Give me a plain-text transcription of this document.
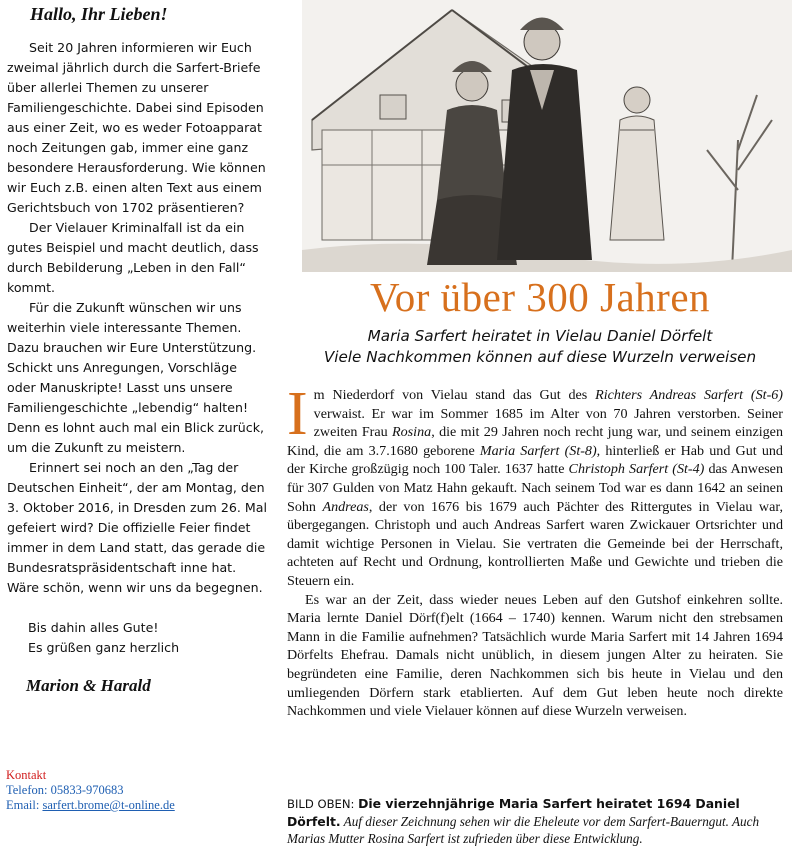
Hallo, Ihr Lieben!

Seit 20 Jahren informieren wir Euch zweimal jährlich durch die Sarfert-Briefe über allerlei Themen zu unserer Familiengeschichte. Dabei sind Episoden aus einer Zeit, wo es weder Fotoapparat noch Zeitungen gab, immer eine ganz besondere Herausforderung. Wie können wir Euch z.B. einen alten Text aus einem Gerichtsbuch von 1702 präsentieren?

Der Vielauer Kriminalfall ist da ein gutes Beispiel und macht deutlich, dass durch Bebilderung „Leben in den Fall“ kommt.

Für die Zukunft wünschen wir uns weiterhin viele interessante Themen. Dazu brauchen wir Eure Unterstützung. Schickt uns Anregungen, Vorschläge oder Manuskripte! Lasst uns unsere Familiengeschichte „lebendig“ halten! Denn es lohnt auch mal ein Blick zurück, um die Zukunft zu meistern.

Erinnert sei noch an den „Tag der Deutschen Einheit“, der am Montag, den 3. Oktober 2016, in Dresden zum 26. Mal gefeiert wird? Die offizielle Feier findet immer in dem Land statt, das gerade die Bundesratspräsidentschaft inne hat. Wäre schön, wenn wir uns da begegnen.

Bis dahin alles Gute!
Es grüßen ganz herzlich
Marion & Harald
Kontakt
Telefon: 05833-970683
Email: sarfert.brome@t-online.de
Vor über 300 Jahren
Maria Sarfert heiratet in Vielau Daniel Dörfelt
Viele Nachkommen können auf diese Wurzeln verweisen

Im Niederdorf von Vielau stand das Gut des Richters Andreas Sarfert (St-6) verwaist. Er war im Sommer 1685 im Alter von 70 Jahren verstorben. Seiner zweiten Frau Rosina, die mit 29 Jahren noch recht jung war, und seinem einzigen Kind, die am 3.7.1680 geborene Maria Sarfert (St-8), hinterließ er Hab und Gut und der Kirche großzügig noch 100 Taler. 1637 hatte Christoph Sarfert (St-4) das Anwesen für 307 Gulden von Matz Hahn gekauft. Nach seinem Tod war es dann 1642 an seinen Sohn Andreas, der von 1676 bis 1679 auch Pächter des Rittergutes in Vielau war, übergegangen. Christoph und auch Andreas Sarfert waren Zwickauer Ortsrichter und damit wichtige Personen in Vielau. Sie vertraten die Gemeinde bei der Herrschaft, achteten auf Recht und Ordnung, kontrollierten Maße und Gewichte und trieben die Steuern ein.

Es war an der Zeit, dass wieder neues Leben auf den Gutshof einkehren sollte. Maria lernte Daniel Dörf(f)elt (1664 – 1740) kennen. Warum nicht den strebsamen Mann in die Familie aufnehmen? Tatsächlich wurde Maria Sarfert mit 14 Jahren 1694 Dörfelts Ehefrau. Damals nicht unüblich, in diesem jungen Alter zu heiraten. Sie begründeten eine Familie, deren Nachkommen sich bis heute in Vielau und den umliegenden Dörfern stark etablierten. Auf dem Gut leben heute noch direkte Nachkommen und viele Vielauer können auf diese Wurzeln verweisen.

BILD OBEN: Die vierzehnjährige Maria Sarfert heiratet 1694 Daniel Dörfelt. Auf dieser Zeichnung sehen wir die Eheleute vor dem Sarfert-Bauerngut. Auch Marias Mutter Rosina Sarfert ist zufrieden über diese Entwicklung.
